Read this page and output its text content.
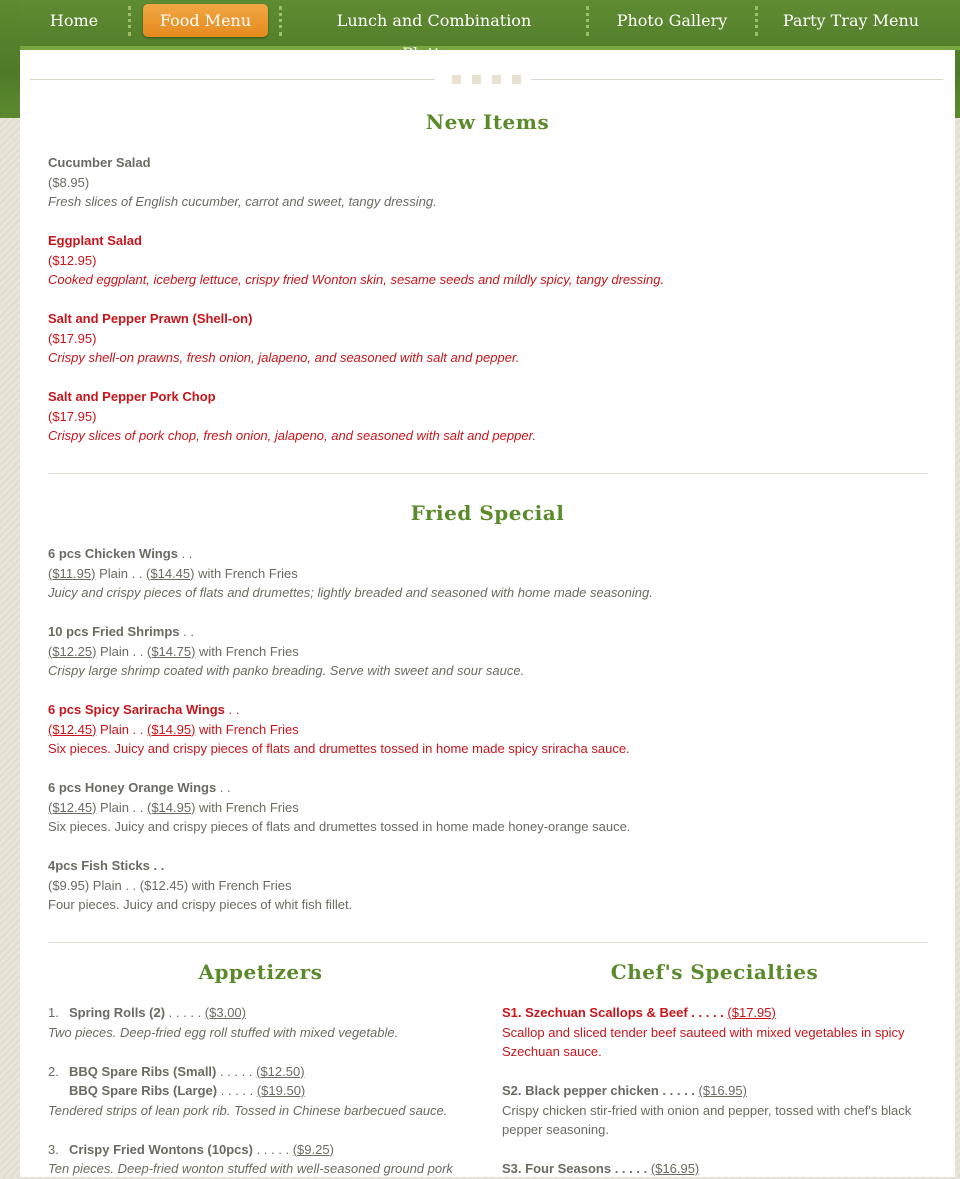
Home	Food Menu	Lunch and Combination	Photo Gallery	Party Tray Menu
New Items
Cucumber Salad
($8.95)
Fresh slices of English cucumber, carrot and sweet, tangy dressing.
Eggplant Salad
($12.95)
Cooked eggplant, iceberg lettuce, crispy fried Wonton skin, sesame seeds and mildly spicy, tangy dressing.
Salt and Pepper Prawn (Shell-on)
($17.95)
Crispy shell-on prawns, fresh onion, jalapeno, and seasoned with salt and pepper.
Salt and Pepper Pork Chop
($17.95)
Crispy slices of pork chop, fresh onion, jalapeno, and seasoned with salt and pepper.
Fried Special
6 pcs Chicken Wings . .
($11.95) Plain . . ($14.45) with French Fries
Juicy and crispy pieces of flats and drumettes; lightly breaded and seasoned with home made seasoning.
10 pcs Fried Shrimps . .
($12.25) Plain . . ($14.75) with French Fries
Crispy large shrimp coated with panko breading. Serve with sweet and sour sauce.
6 pcs Spicy Sariracha Wings . .
($12.45) Plain . . ($14.95) with French Fries
Six pieces. Juicy and crispy pieces of flats and drumettes tossed in home made spicy sriracha sauce.
6 pcs Honey Orange Wings . .
($12.45) Plain . . ($14.95) with French Fries
Six pieces. Juicy and crispy pieces of flats and drumettes tossed in home made honey-orange sauce.
4pcs Fish Sticks . .
($9.95) Plain . . ($12.45) with French Fries
Four pieces. Juicy and crispy pieces of whit fish fillet.
Appetizers
1. Spring Rolls (2) . . . . . ($3.00)
Two pieces. Deep-fried egg roll stuffed with mixed vegetable.

2. BBQ Spare Ribs (Small) . . . . . ($12.50)
BBQ Spare Ribs (Large) . . . . . ($19.50)
Tendered strips of lean pork rib. Tossed in Chinese barbecued sauce.

3. Crispy Fried Wontons (10pcs) . . . . . ($9.25)
Ten pieces. Deep-fried wonton stuffed with well-seasoned ground pork
Chef's Specialties
S1. Szechuan Scallops & Beef . . . . . ($17.95)
Scallop and sliced tender beef sauteed with mixed vegetables in spicy
Szechuan sauce.

S2. Black pepper chicken . . . . . ($16.95)
Crispy chicken stir-fried with onion and pepper, tossed with chef's black
pepper seasoning.

S3. Four Seasons . . . . . ($16.95)
